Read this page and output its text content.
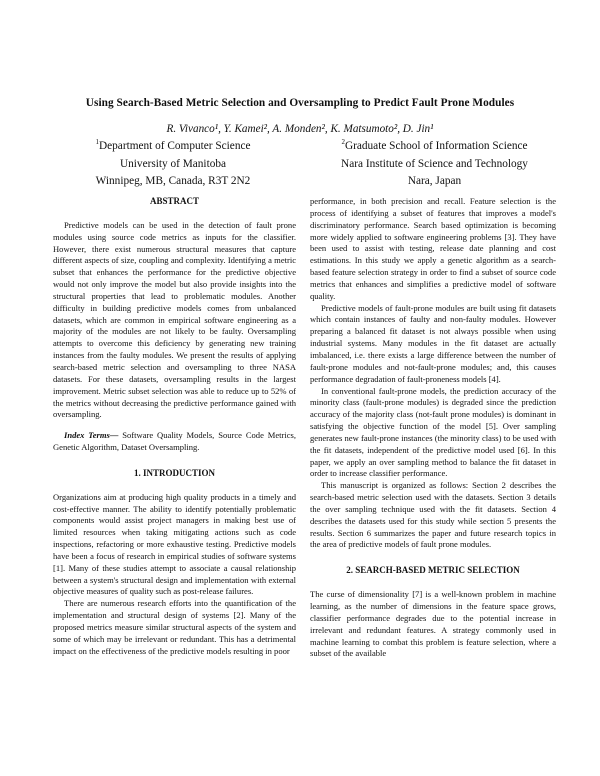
Using Search-Based Metric Selection and Oversampling to Predict Fault Prone Modules
R. Vivanco¹, Y. Kamei², A. Monden², K. Matsumoto², D. Jin¹
$^1$Department of Computer Science
University of Manitoba
Winnipeg, MB, Canada, R3T 2N2
$^2$Graduate School of Information Science
Nara Institute of Science and Technology
Nara, Japan
ABSTRACT

Predictive models can be used in the detection of fault prone modules using source code metrics as inputs for the classifier. However, there exist numerous structural measures that capture different aspects of size, coupling and complexity. Identifying a metric subset that enhances the performance for the predictive objective would not only improve the model but also provide insights into the structural properties that lead to problematic modules. Another difficulty in building predictive models comes from unbalanced datasets, which are common in empirical software engineering as a majority of the modules are not likely to be faulty. Oversampling attempts to overcome this deficiency by generating new training instances from the faulty modules. We present the results of applying search-based metric selection and oversampling to three NASA datasets. For these datasets, oversampling results in the largest improvement. Metric subset selection was able to reduce up to 52% of the metrics without decreasing the predictive performance gained with oversampling.

Index Terms— Software Quality Models, Source Code Metrics, Genetic Algorithm, Dataset Oversampling.

1. INTRODUCTION

Organizations aim at producing high quality products in a timely and cost-effective manner. The ability to identify potentially problematic components would assist project managers in making best use of limited resources when taking mitigating actions such as code inspections, refactoring or more exhaustive testing. Predictive models have been a focus of research in empirical studies of software systems [1]. Many of these studies attempt to associate a causal relationship between a system's structural design and implementation with external objective measures of quality such as post-release failures.

There are numerous research efforts into the quantification of the implementation and structural design of systems [2]. Many of the proposed metrics measure similar structural aspects of the system and some of which may be irrelevant or redundant. This has a detrimental impact on the effectiveness of the predictive models resulting in poor

performance, in both precision and recall. Feature selection is the process of identifying a subset of features that improves a model's discriminatory performance. Search based optimization is becoming more widely applied to software engineering problems [3]. They have been used to assist with testing, release date planning and cost estimations. In this study we apply a genetic algorithm as a search-based feature selection strategy in order to find a subset of source code metrics that enhances and simplifies a predictive model of software quality.

Predictive models of fault-prone modules are built using fit datasets which contain instances of faulty and non-faulty modules. However preparing a balanced fit dataset is not always possible when using industrial systems. Many modules in the fit dataset are actually imbalanced, i.e. there exists a large difference between the number of fault-prone modules and not-fault-prone modules; and, this causes performance degradation of fault-proneness models [4].

In conventional fault-prone models, the prediction accuracy of the minority class (fault-prone modules) is degraded since the prediction accuracy of the majority class (not-fault prone modules) is dominant in satisfying the objective function of the model [5]. Over sampling generates new fault-prone instances (the minority class) to be used with the fit datasets, independent of the predictive model used [6]. In this paper, we apply an over sampling method to balance the fit dataset in order to increase classifier performance.

This manuscript is organized as follows: Section 2 describes the search-based metric selection used with the datasets. Section 3 details the over sampling technique used with the fit datasets. Section 4 describes the datasets used for this study while section 5 presents the results. Section 6 summarizes the paper and future research topics in the area of predictive models of fault prone modules.

2. SEARCH-BASED METRIC SELECTION

The curse of dimensionality [7] is a well-known problem in machine learning, as the number of dimensions in the feature space grows, classifier performance degrades due to the potential increase in irrelevant and redundant features. A strategy commonly used in machine learning to combat this problem is feature selection, where a subset of the available
